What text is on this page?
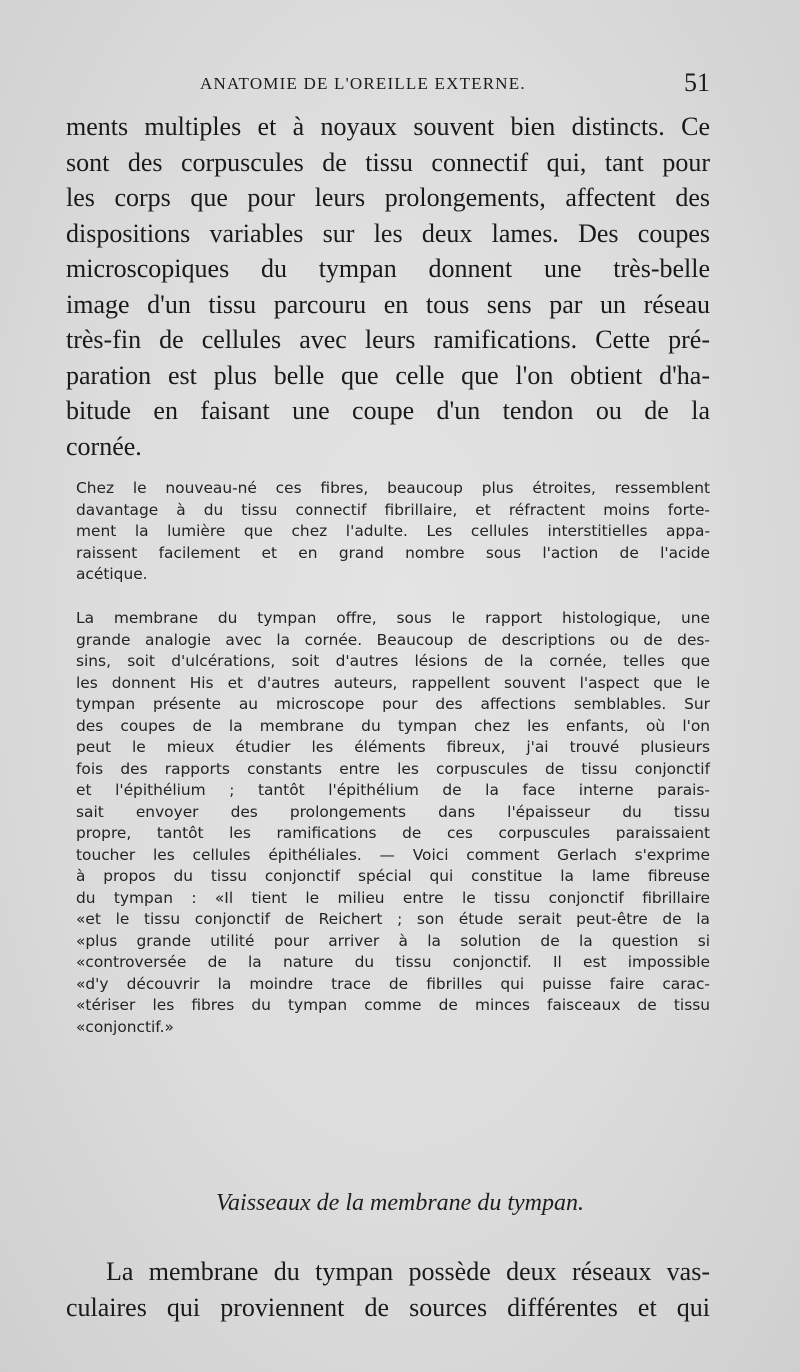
ANATOMIE DE L'OREILLE EXTERNE.	51
ments multiples et à noyaux souvent bien distincts. Ce
sont des corpuscules de tissu connectif qui, tant pour
les corps que pour leurs prolongements, affectent des
dispositions variables sur les deux lames. Des coupes
microscopiques du tympan donnent une très-belle
image d'un tissu parcouru en tous sens par un réseau
très-fin de cellules avec leurs ramifications. Cette pré-
paration est plus belle que celle que l'on obtient d'ha-
bitude en faisant une coupe d'un tendon ou de la
cornée.
Chez le nouveau-né ces fibres, beaucoup plus étroites, ressemblent
davantage à du tissu connectif fibrillaire, et réfractent moins forte-
ment la lumière que chez l'adulte. Les cellules interstitielles appa-
raissent facilement et en grand nombre sous l'action de l'acide
acétique.
La membrane du tympan offre, sous le rapport histologique, une
grande analogie avec la cornée. Beaucoup de descriptions ou de des-
sins, soit d'ulcérations, soit d'autres lésions de la cornée, telles que
les donnent His et d'autres auteurs, rappellent souvent l'aspect que le
tympan présente au microscope pour des affections semblables. Sur
des coupes de la membrane du tympan chez les enfants, où l'on
peut le mieux étudier les éléments fibreux, j'ai trouvé plusieurs
fois des rapports constants entre les corpuscules de tissu conjonctif
et l'épithélium ; tantôt l'épithélium de la face interne parais-
sait envoyer des prolongements dans l'épaisseur du tissu
propre, tantôt les ramifications de ces corpuscules paraissaient
toucher les cellules épithéliales. — Voici comment Gerlach s'exprime
à propos du tissu conjonctif spécial qui constitue la lame fibreuse
du tympan : «Il tient le milieu entre le tissu conjonctif fibrillaire
«et le tissu conjonctif de Reichert ; son étude serait peut-être de la
«plus grande utilité pour arriver à la solution de la question si
«controversée de la nature du tissu conjonctif. Il est impossible
«d'y découvrir la moindre trace de fibrilles qui puisse faire carac-
«tériser les fibres du tympan comme de minces faisceaux de tissu
«conjonctif.»
Vaisseaux de la membrane du tympan.
La membrane du tympan possède deux réseaux vas-
culaires qui proviennent de sources différentes et qui
